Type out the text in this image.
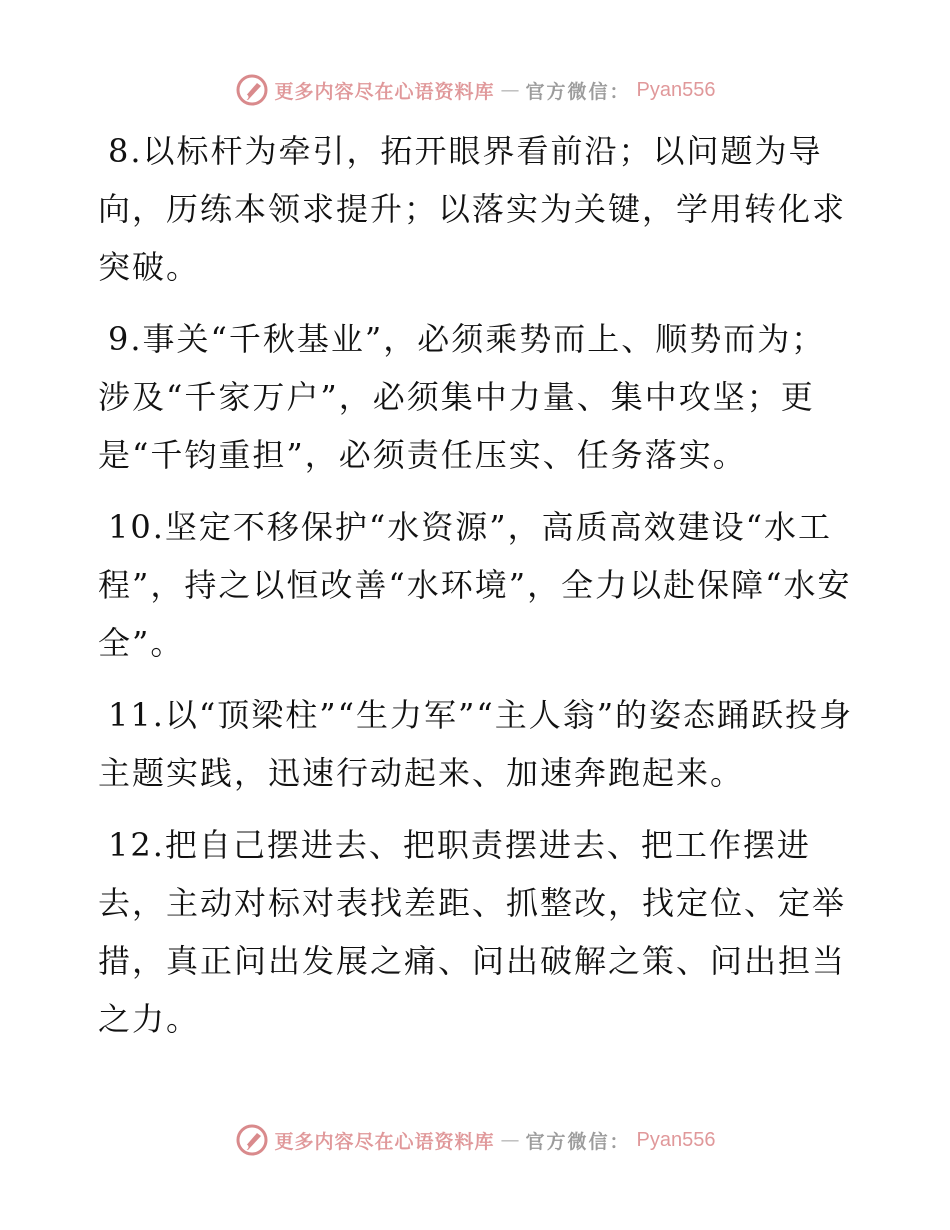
更多内容尽在心语资料库 — 官方微信： Pyan556

8.以标杆为牵引，拓开眼界看前沿；以问题为导向，历练本领求提升；以落实为关键，学用转化求突破。

9.事关“千秋基业”，必须乘势而上、顺势而为；涉及“千家万户”，必须集中力量、集中攻坚；更是“千钧重担”，必须责任压实、任务落实。

10.坚定不移保护“水资源”，高质高效建设“水工程”，持之以恒改善“水环境”，全力以赴保障“水安全”。

11.以“顶梁柱”“生力军”“主人翁”的姿态踊跃投身主题实践，迅速行动起来、加速奔跑起来。

12.把自己摆进去、把职责摆进去、把工作摆进去，主动对标对表找差距、抓整改，找定位、定举措，真正问出发展之痛、问出破解之策、问出担当之力。

更多内容尽在心语资料库 — 官方微信： Pyan556
